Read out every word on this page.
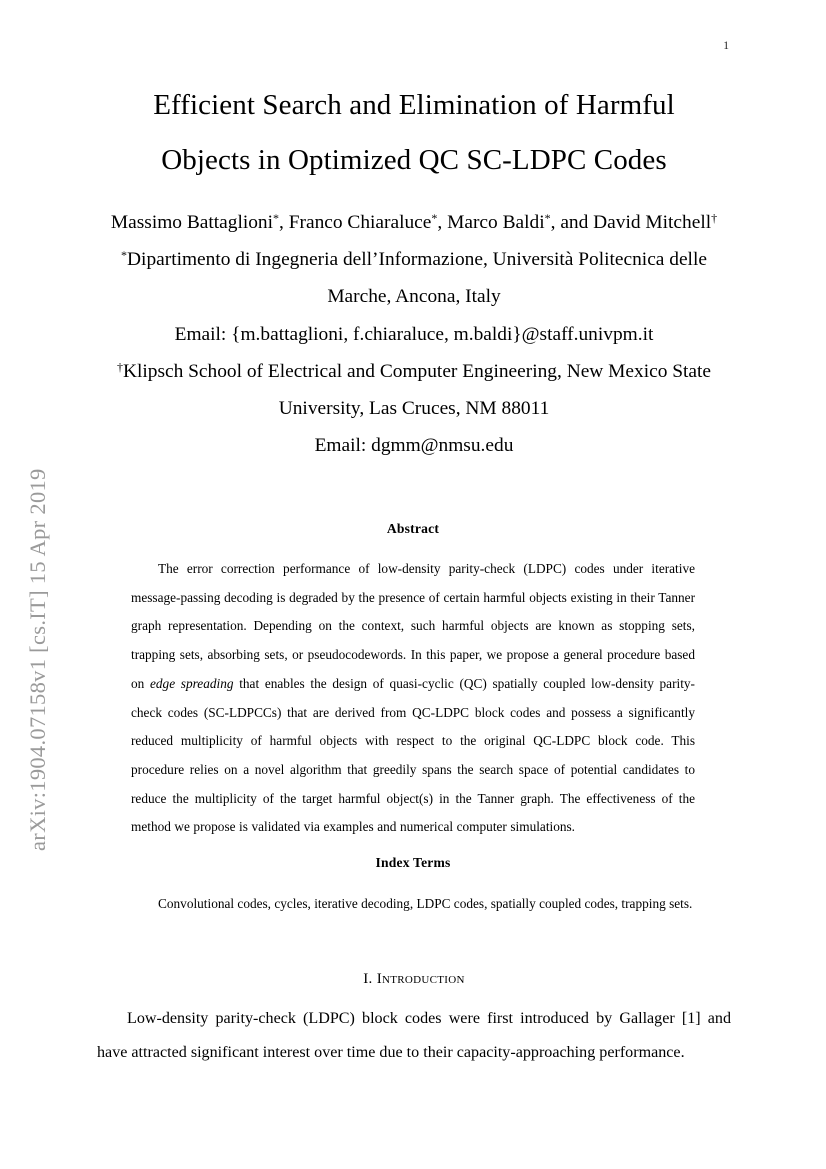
arXiv:1904.07158v1 [cs.IT] 15 Apr 2019
1
Efficient Search and Elimination of Harmful
Objects in Optimized QC SC-LDPC Codes
Massimo Battaglioni*, Franco Chiaraluce*, Marco Baldi*, and David Mitchell†
*Dipartimento di Ingegneria dell’Informazione, Università Politecnica delle
Marche, Ancona, Italy
Email: {m.battaglioni, f.chiaraluce, m.baldi}@staff.univpm.it
†Klipsch School of Electrical and Computer Engineering, New Mexico State
University, Las Cruces, NM 88011
Email: dgmm@nmsu.edu
Abstract
The error correction performance of low-density parity-check (LDPC) codes under iterative message-passing decoding is degraded by the presence of certain harmful objects existing in their Tanner graph representation. Depending on the context, such harmful objects are known as stopping sets, trapping sets, absorbing sets, or pseudocodewords. In this paper, we propose a general procedure based on edge spreading that enables the design of quasi-cyclic (QC) spatially coupled low-density parity-check codes (SC-LDPCCs) that are derived from QC-LDPC block codes and possess a significantly reduced multiplicity of harmful objects with respect to the original QC-LDPC block code. This procedure relies on a novel algorithm that greedily spans the search space of potential candidates to reduce the multiplicity of the target harmful object(s) in the Tanner graph. The effectiveness of the method we propose is validated via examples and numerical computer simulations.
Index Terms
Convolutional codes, cycles, iterative decoding, LDPC codes, spatially coupled codes, trapping sets.
I. Introduction
Low-density parity-check (LDPC) block codes were first introduced by Gallager [1] and have attracted significant interest over time due to their capacity-approaching performance.
